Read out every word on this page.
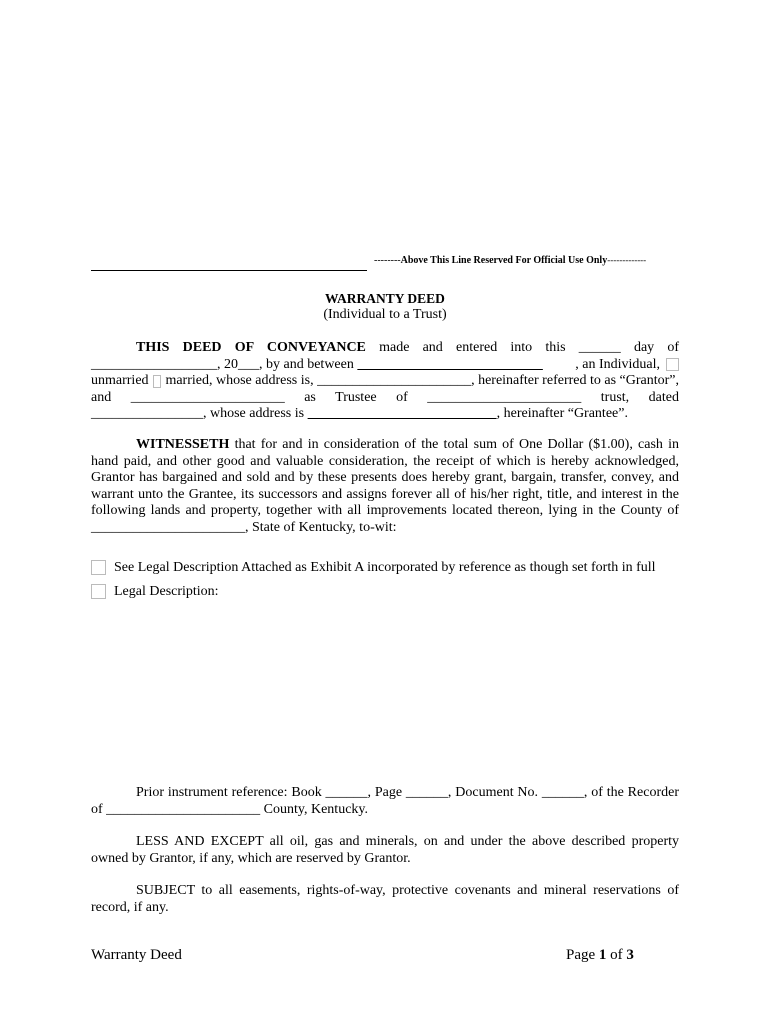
--------Above This Line Reserved For Official Use Only-------------
WARRANTY DEED
(Individual to a Trust)

THIS DEED OF CONVEYANCE made and entered into this ______ day of

__________________, 20___, by and between
	, an Individual,

unmarried married, whose address is, ______________________, hereinafter referred to as “Grantor”,

and ______________________ as Trustee of ______________________ trust, dated

________________, whose address is	, hereinafter “Grantee”.

WITNESSETH that for and in consideration of the total sum of One Dollar ($1.00), cash in hand paid, and other good and valuable consideration, the receipt of which is hereby acknowledged, Grantor has bargained and sold and by these presents does hereby grant, bargain, transfer, convey, and warrant unto the Grantee, its successors and assigns forever all of his/her right, title, and interest in the following lands and property, together with all improvements located thereon, lying in the County of ______________________, State of Kentucky, to-wit:

See Legal Description Attached as Exhibit A incorporated by reference as though set forth in full
Legal Description:

Prior instrument reference: Book ______, Page ______, Document No. ______, of the Recorder of ______________________ County, Kentucky.

LESS AND EXCEPT all oil, gas and minerals, on and under the above described property owned by Grantor, if any, which are reserved by Grantor.

SUBJECT to all easements, rights-of-way, protective covenants and mineral reservations of record, if any.

Warranty Deed	Page 1 of 3
